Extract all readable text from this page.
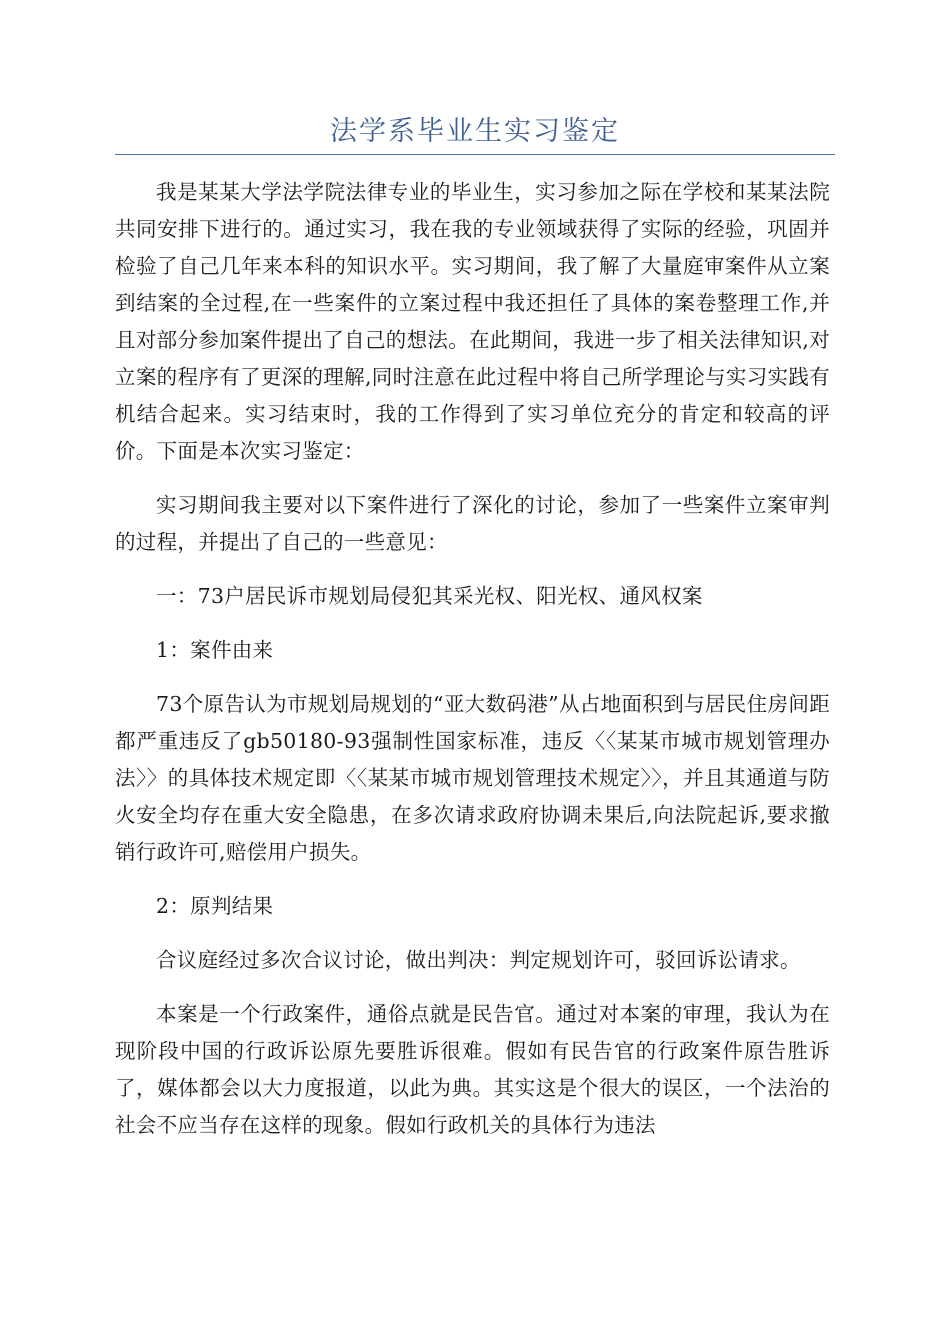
法学系毕业生实习鉴定

我是某某大学法学院法律专业的毕业生，实习参加之际在学校和某某法院共同安排下进行的。通过实习，我在我的专业领域获得了实际的经验，巩固并检验了自己几年来本科的知识水平。实习期间，我了解了大量庭审案件从立案到结案的全过程,在一些案件的立案过程中我还担任了具体的案卷整理工作,并且对部分参加案件提出了自己的想法。在此期间，我进一步了相关法律知识,对立案的程序有了更深的理解,同时注意在此过程中将自己所学理论与实习实践有机结合起来。实习结束时，我的工作得到了实习单位充分的肯定和较高的评价。下面是本次实习鉴定：

实习期间我主要对以下案件进行了深化的讨论，参加了一些案件立案审判的过程，并提出了自己的一些意见：

一：73户居民诉市规划局侵犯其采光权、阳光权、通风权案

1：案件由来

73个原告认为市规划局规划的“亚大数码港”从占地面积到与居民住房间距都严重违反了gb50180-93强制性国家标准，违反〈〈某某市城市规划管理办法〉〉的具体技术规定即〈〈某某市城市规划管理技术规定〉〉，并且其通道与防火安全均存在重大安全隐患，在多次请求政府协调未果后,向法院起诉,要求撤销行政许可,赔偿用户损失。

2：原判结果

合议庭经过多次合议讨论，做出判决：判定规划许可，驳回诉讼请求。

本案是一个行政案件，通俗点就是民告官。通过对本案的审理，我认为在现阶段中国的行政诉讼原先要胜诉很难。假如有民告官的行政案件原告胜诉了，媒体都会以大力度报道，以此为典。其实这是个很大的误区，一个法治的社会不应当存在这样的现象。假如行政机关的具体行为违法
